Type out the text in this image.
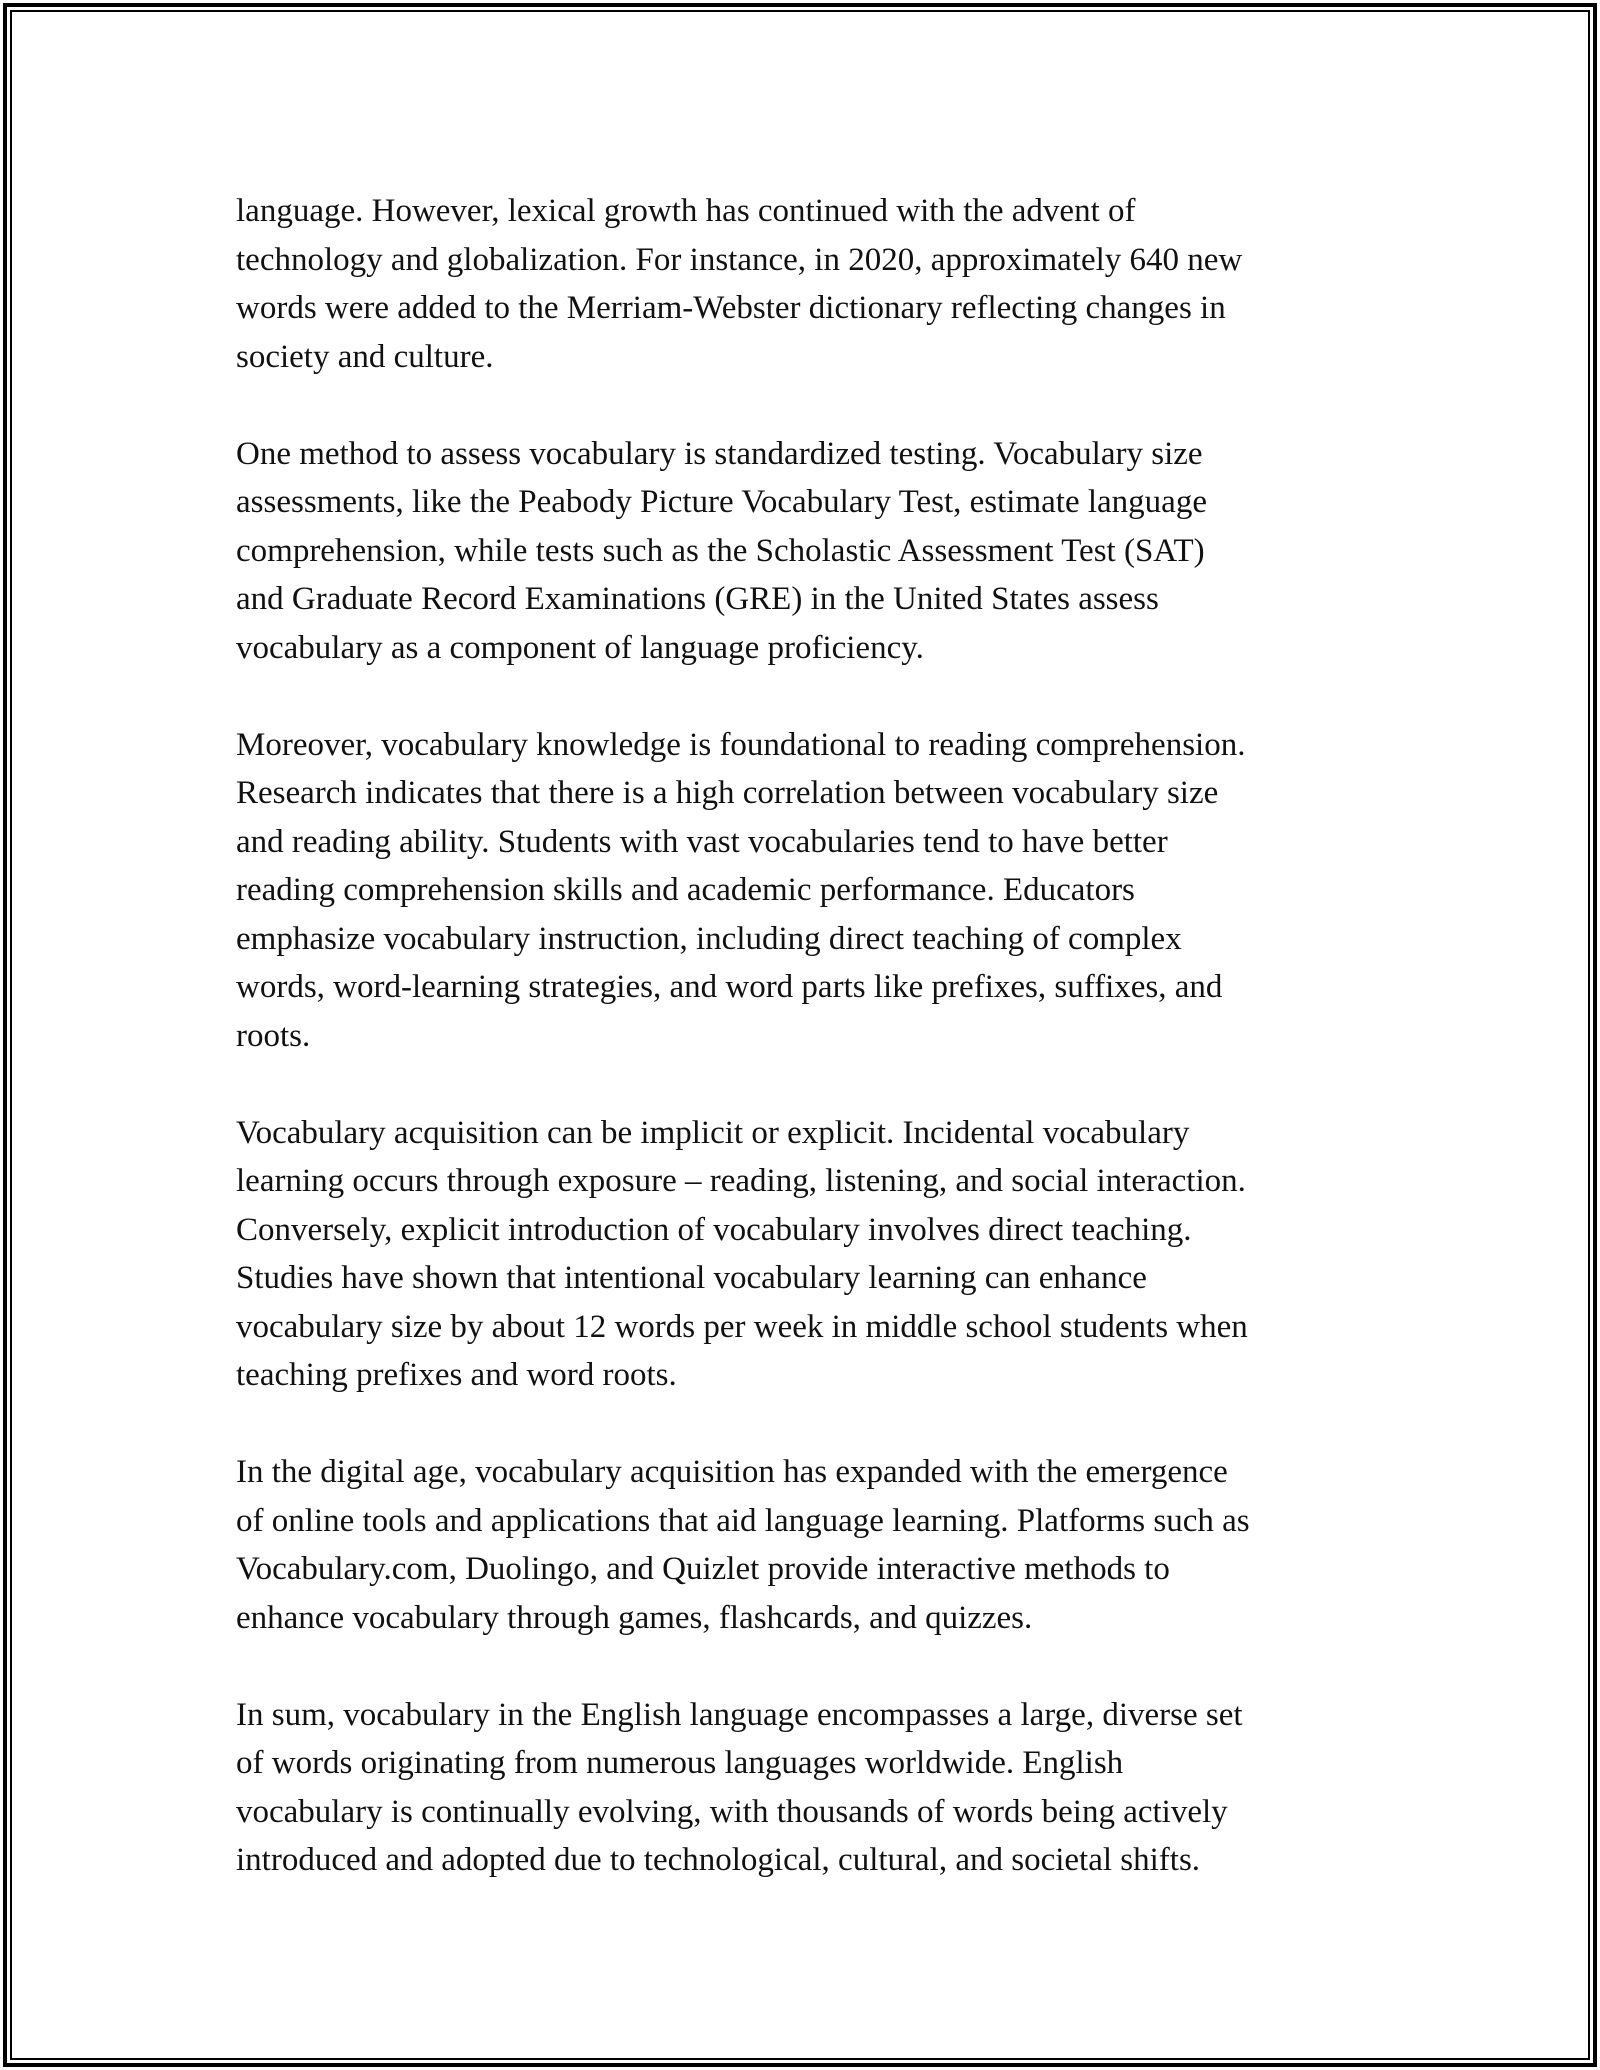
language. However, lexical growth has continued with the advent of
technology and globalization. For instance, in 2020, approximately 640 new
words were added to the Merriam-Webster dictionary reflecting changes in
society and culture.

One method to assess vocabulary is standardized testing. Vocabulary size
assessments, like the Peabody Picture Vocabulary Test, estimate language
comprehension, while tests such as the Scholastic Assessment Test (SAT)
and Graduate Record Examinations (GRE) in the United States assess
vocabulary as a component of language proficiency.

Moreover, vocabulary knowledge is foundational to reading comprehension.
Research indicates that there is a high correlation between vocabulary size
and reading ability. Students with vast vocabularies tend to have better
reading comprehension skills and academic performance. Educators
emphasize vocabulary instruction, including direct teaching of complex
words, word-learning strategies, and word parts like prefixes, suffixes, and
roots.

Vocabulary acquisition can be implicit or explicit. Incidental vocabulary
learning occurs through exposure – reading, listening, and social interaction.
Conversely, explicit introduction of vocabulary involves direct teaching.
Studies have shown that intentional vocabulary learning can enhance
vocabulary size by about 12 words per week in middle school students when
teaching prefixes and word roots.

In the digital age, vocabulary acquisition has expanded with the emergence
of online tools and applications that aid language learning. Platforms such as
Vocabulary.com, Duolingo, and Quizlet provide interactive methods to
enhance vocabulary through games, flashcards, and quizzes.

In sum, vocabulary in the English language encompasses a large, diverse set
of words originating from numerous languages worldwide. English
vocabulary is continually evolving, with thousands of words being actively
introduced and adopted due to technological, cultural, and societal shifts.
